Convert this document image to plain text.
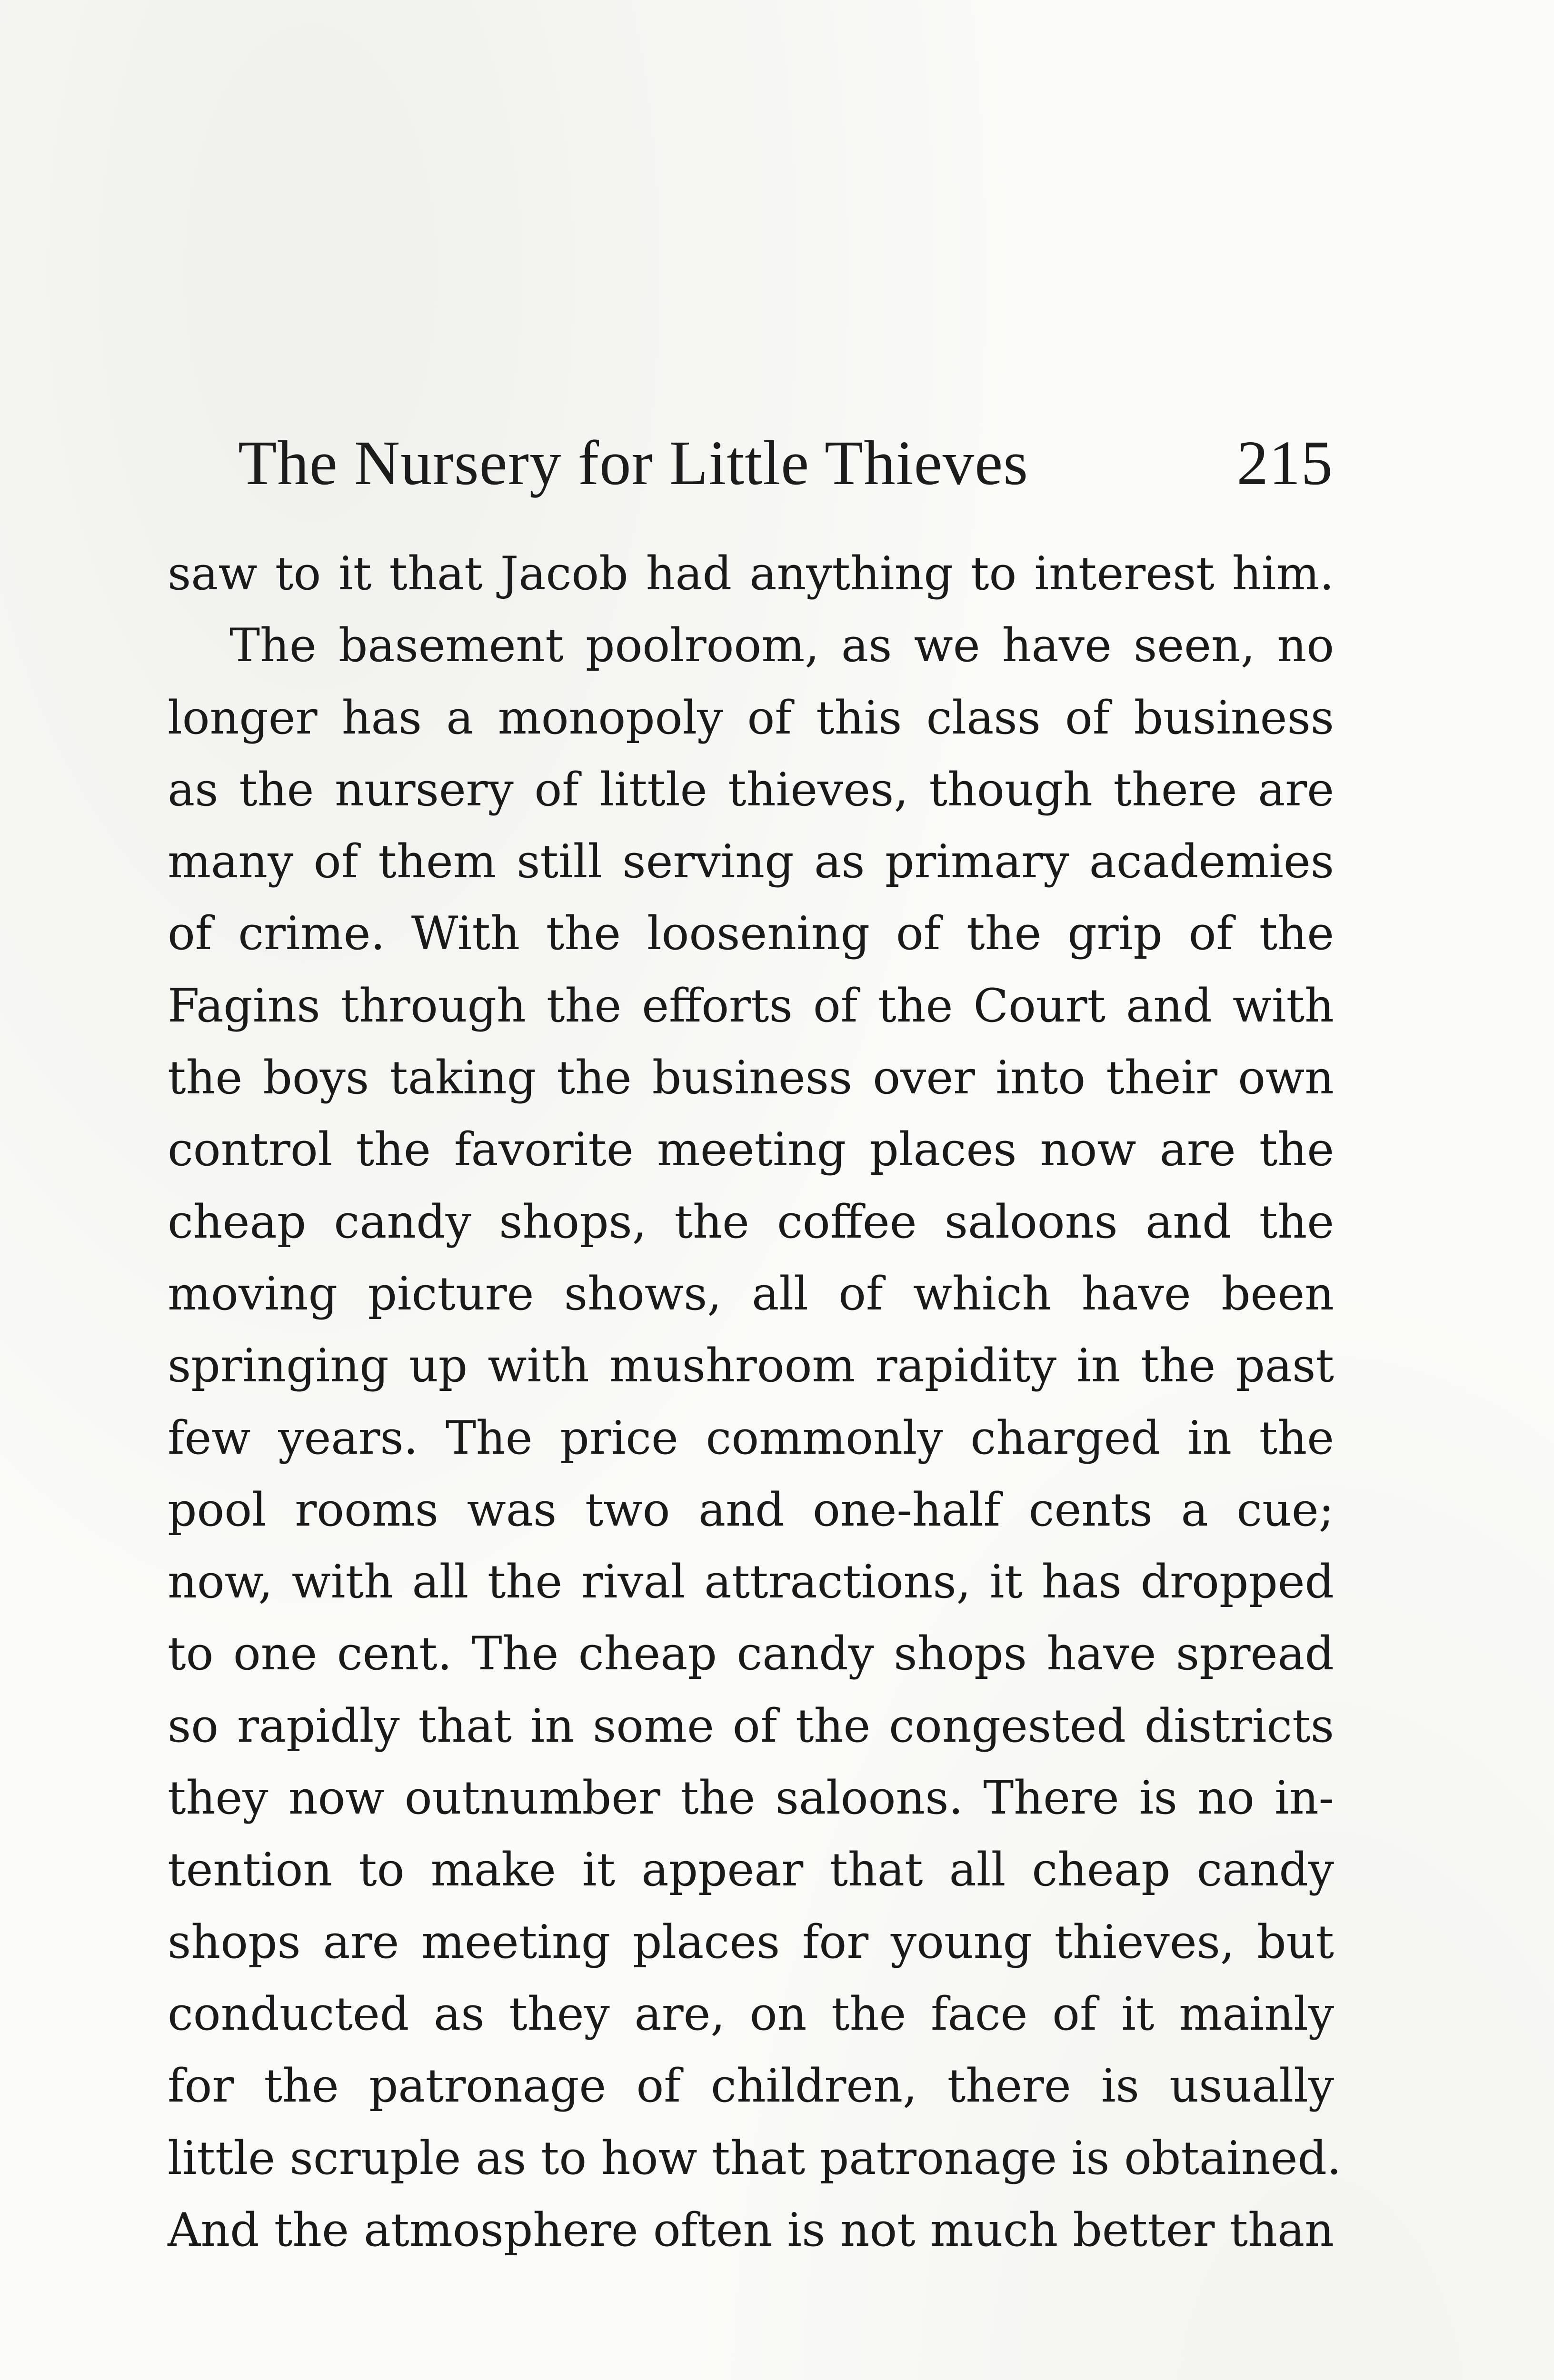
The Nursery for Little Thieves	215
saw to it that Jacob had anything to interest him.
The basement poolroom, as we have seen, no
longer has a monopoly of this class of business
as the nursery of little thieves, though there are
many of them still serving as primary academies
of crime. With the loosening of the grip of the
Fagins through the efforts of the Court and with
the boys taking the business over into their own
control the favorite meeting places now are the
cheap candy shops, the coffee saloons and the
moving picture shows, all of which have been
springing up with mushroom rapidity in the past
few years. The price commonly charged in the
pool rooms was two and one-half cents a cue;
now, with all the rival attractions, it has dropped
to one cent. The cheap candy shops have spread
so rapidly that in some of the congested districts
they now outnumber the saloons. There is no in-
tention to make it appear that all cheap candy
shops are meeting places for young thieves, but
conducted as they are, on the face of it mainly
for the patronage of children, there is usually
little scruple as to how that patronage is obtained.
And the atmosphere often is not much better than
